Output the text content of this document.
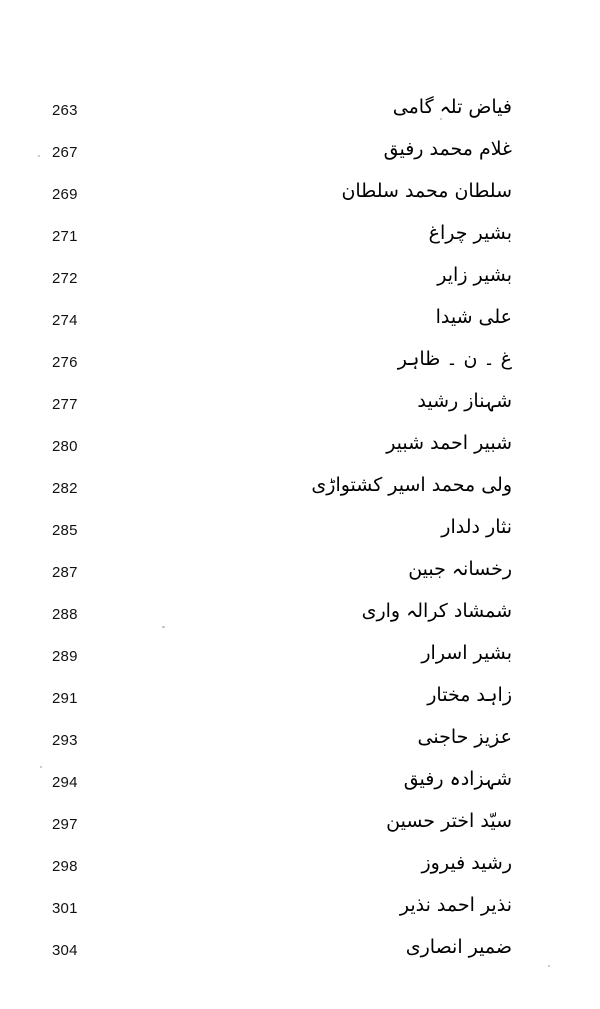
263	فیاض تلہ گامی
267	غلام محمد رفیق
269	سلطان محمد سلطان
271	بشیر چراغ
272	بشیر زایر
274	علی شیدا
276	غ ۔ ن ۔ ظاہر
277	شہناز رشید
280	شبیر احمد شبیر
282	ولی محمد اسیر کشتواڑی
285	نثار دلدار
287	رخسانہ جبین
288	شمشاد کرالہ واری
289	بشیر اسرار
291	زاہد مختار
293	عزیز حاجنی
294	شہزادہ رفیق
297	سیّد اختر حسین
298	رشید فیروز
301	نذیر احمد نذیر
304	ضمیر انصاری
